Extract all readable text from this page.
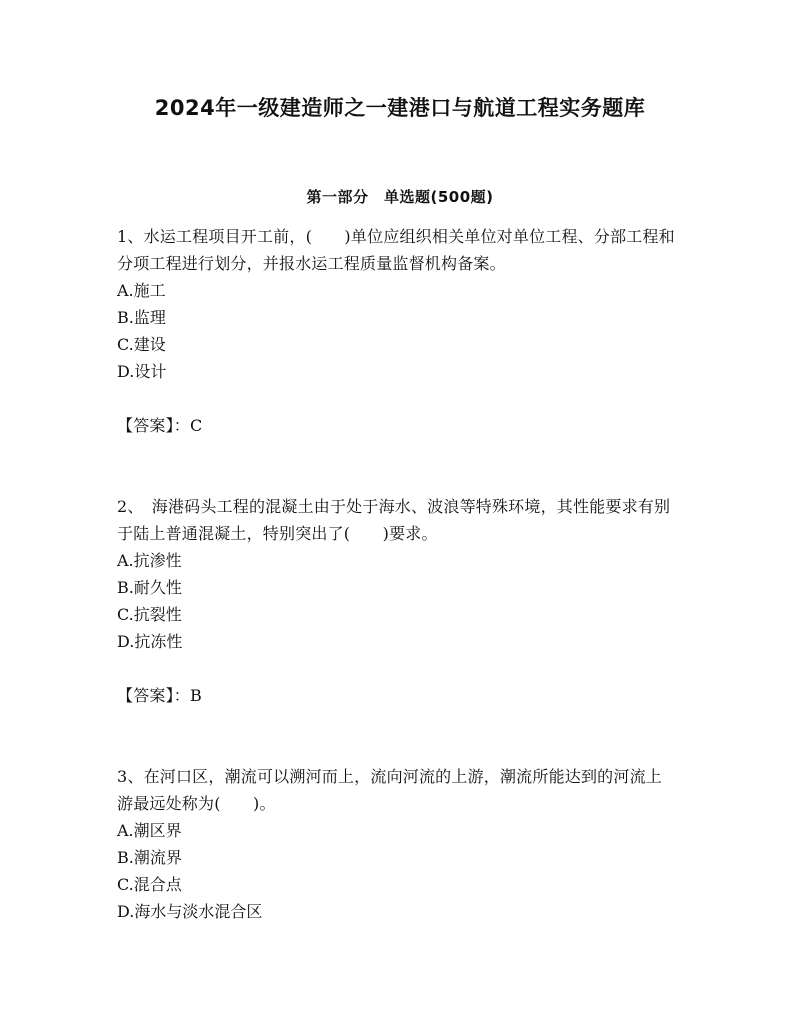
2024年一级建造师之一建港口与航道工程实务题库
第一部分　单选题(500题)

1、水运工程项目开工前，(　　)单位应组织相关单位对单位工程、分部工程和分项工程进行划分，并报水运工程质量监督机构备案。

A.施工
B.监理
C.建设
D.设计

【答案】：C

2、　海港码头工程的混凝土由于处于海水、波浪等特殊环境，其性能要求有别于陆上普通混凝土，特别突出了(　　)要求。

A.抗渗性
B.耐久性
C.抗裂性
D.抗冻性

【答案】：B

3、在河口区，潮流可以溯河而上，流向河流的上游，潮流所能达到的河流上游最远处称为(　　)。

A.潮区界
B.潮流界
C.混合点
D.海水与淡水混合区
